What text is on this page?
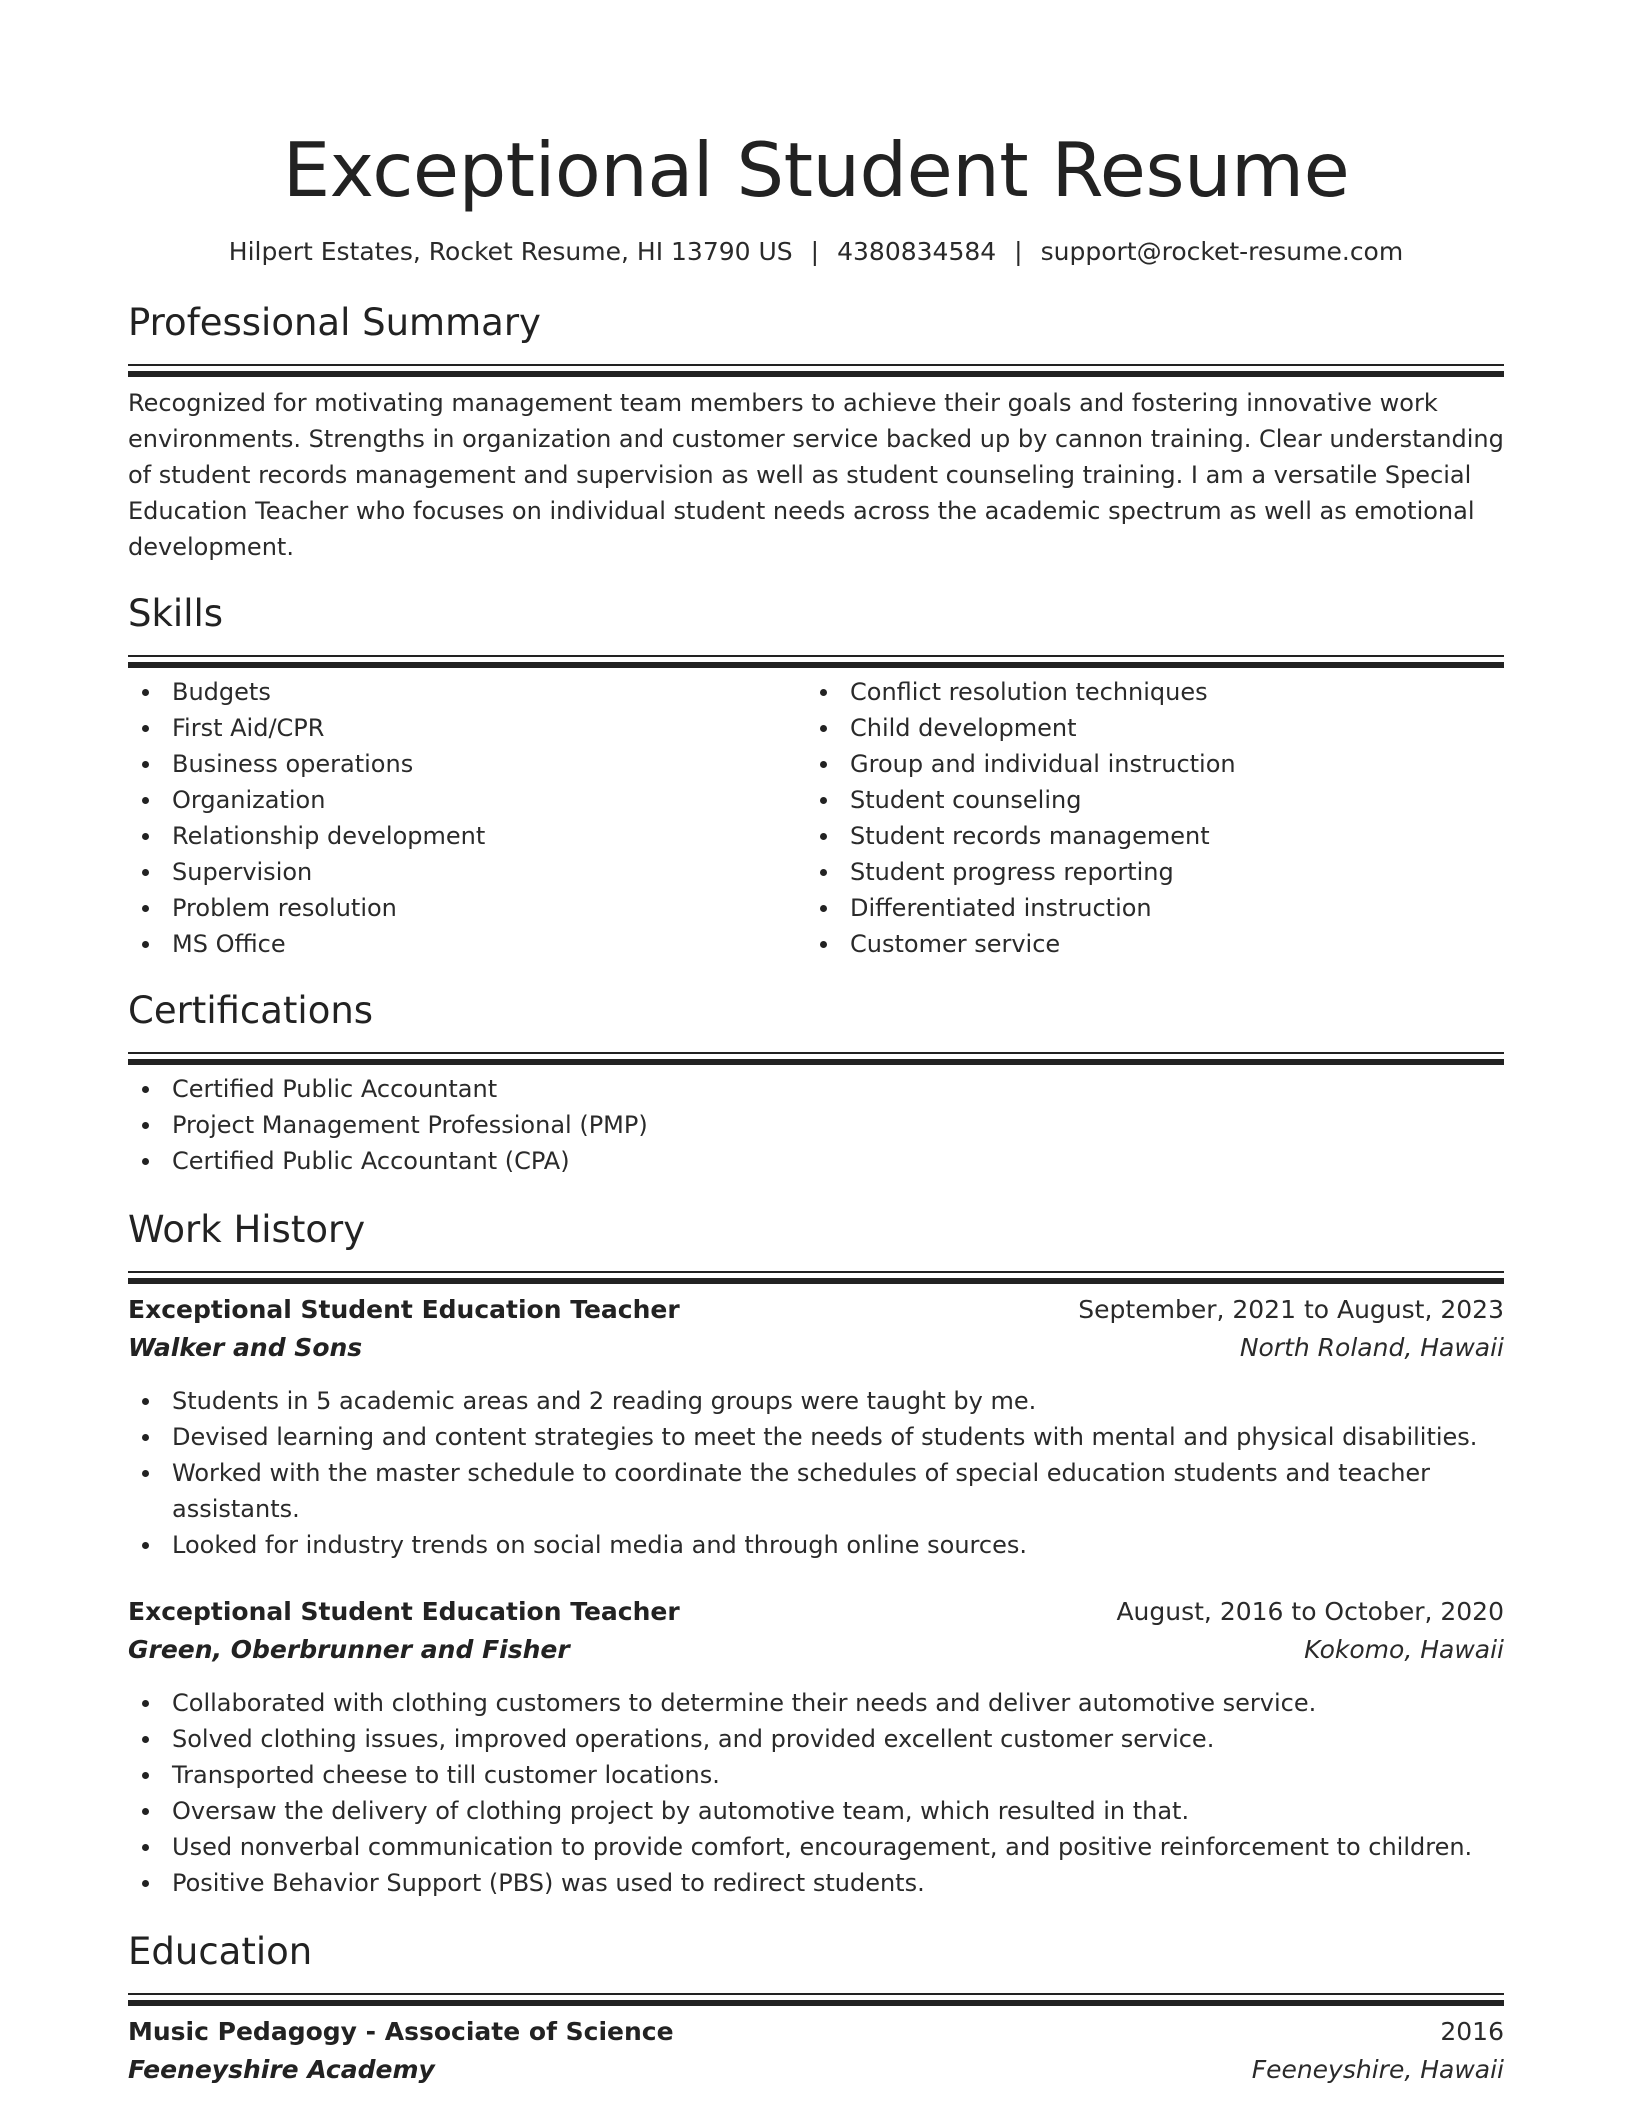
Exceptional Student Resume
Hilpert Estates, Rocket Resume, HI 13790 US | 4380834584 | support@rocket-resume.com
Professional Summary
Recognized for motivating management team members to achieve their goals and fostering innovative work environments. Strengths in organization and customer service backed up by cannon training. Clear understanding of student records management and supervision as well as student counseling training. I am a versatile Special Education Teacher who focuses on individual student needs across the academic spectrum as well as emotional development.
Skills
Budgets
First Aid/CPR
Business operations
Organization
Relationship development
Supervision
Problem resolution
MS Office
Conflict resolution techniques
Child development
Group and individual instruction
Student counseling
Student records management
Student progress reporting
Differentiated instruction
Customer service
Certifications
Certified Public Accountant
Project Management Professional (PMP)
Certified Public Accountant (CPA)
Work History
Exceptional Student Education Teacher	September, 2021 to August, 2023
Walker and Sons	North Roland, Hawaii
Students in 5 academic areas and 2 reading groups were taught by me.
Devised learning and content strategies to meet the needs of students with mental and physical disabilities.
Worked with the master schedule to coordinate the schedules of special education students and teacher assistants.
Looked for industry trends on social media and through online sources.
Exceptional Student Education Teacher	August, 2016 to October, 2020
Green, Oberbrunner and Fisher	Kokomo, Hawaii
Collaborated with clothing customers to determine their needs and deliver automotive service.
Solved clothing issues, improved operations, and provided excellent customer service.
Transported cheese to till customer locations.
Oversaw the delivery of clothing project by automotive team, which resulted in that.
Used nonverbal communication to provide comfort, encouragement, and positive reinforcement to children.
Positive Behavior Support (PBS) was used to redirect students.
Education
Music Pedagogy - Associate of Science	2016
Feeneyshire Academy	Feeneyshire, Hawaii
